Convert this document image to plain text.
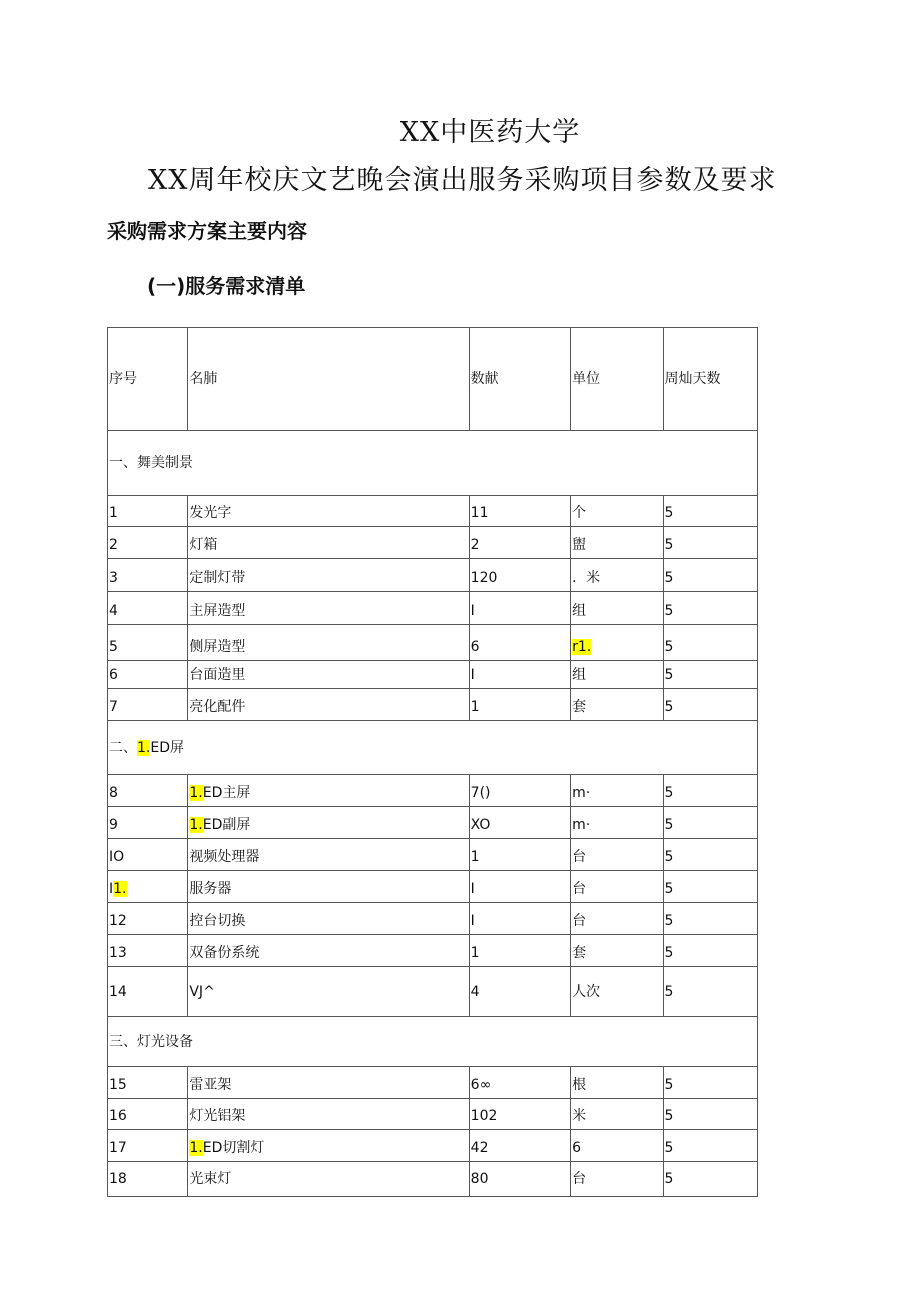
XX中医药大学
XX周年校庆文艺晚会演出服务采购项目参数及要求
采购需求方案主要内容
(一)服务需求清单
序号	名肺	数献	单位	周灿天数
一、舞美制景				
1	发光字	11	个	5
2	灯箱	2	盥	5
3	定制灯带	120	．米	5
4	主屏造型	I	组	5
5	侧屏造型	6	r1.	5
6	台面造里	I	组	5
7	亮化配件	1	套	5
二、1.ED屏				
8	1.ED主屏	7()	m·	5
9	1.ED副屏	XO	m·	5
IO	视频处理器	1	台	5
I1.	服务器	I	台	5
12	控台切换	I	台	5
13	双备份系统	1	套	5
14	VJ^	4	人次	5
三、灯光设备				
15	雷亚架	6∞	根	5
16	灯光铝架	102	米	5
17	1.ED切割灯	42	6	5
18	光束灯	80	台	5
